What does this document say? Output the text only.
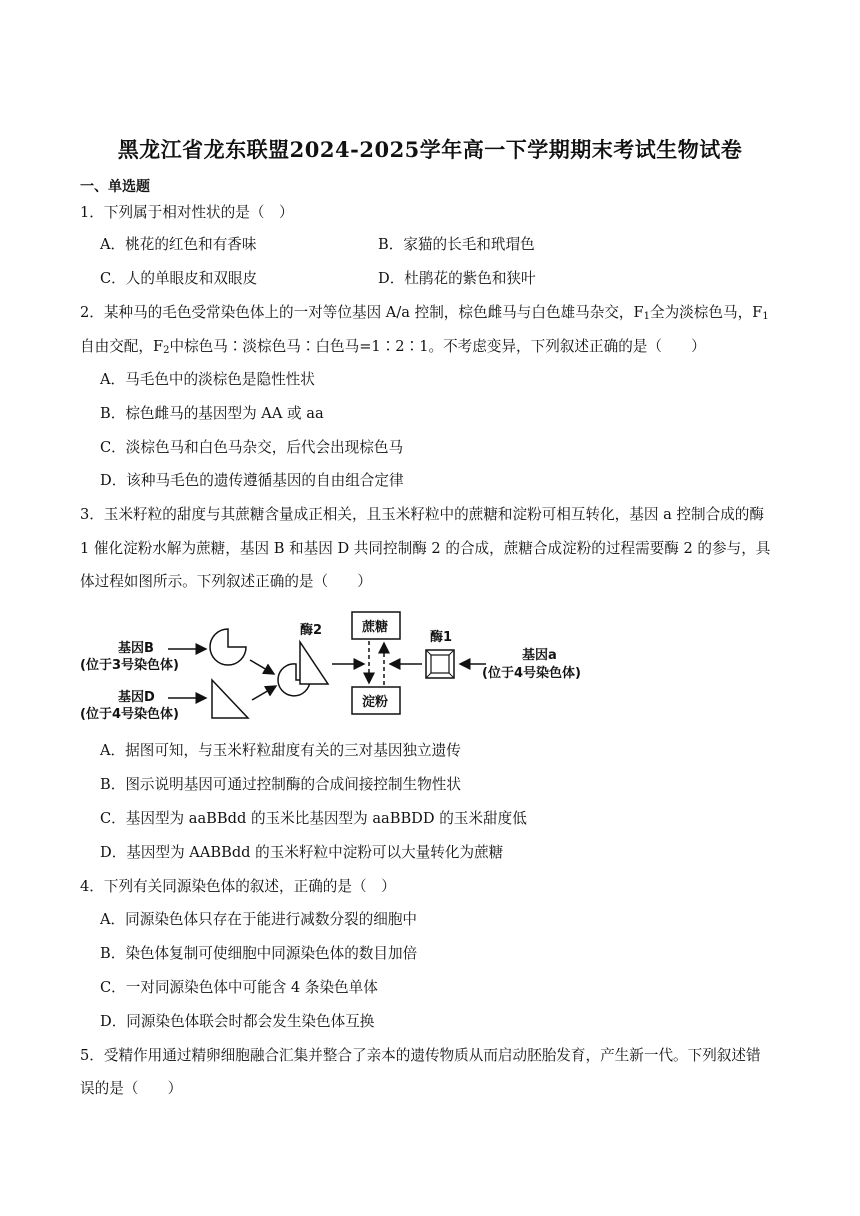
黑龙江省龙东联盟2024-2025学年高一下学期期末考试生物试卷
一、单选题
1．下列属于相对性状的是（　）
A．桃花的红色和有香味	B．家猫的长毛和玳瑁色
C．人的单眼皮和双眼皮	D．杜鹃花的紫色和狭叶
2．某种马的毛色受常染色体上的一对等位基因 A/a 控制，棕色雌马与白色雄马杂交，$F_1$全为淡棕色马，$F_1$
自由交配，$F_2$中棕色马∶淡棕色马∶白色马=1∶2∶1。不考虑变异，下列叙述正确的是（　　）
A．马毛色中的淡棕色是隐性性状
B．棕色雌马的基因型为 AA 或 aa
C．淡棕色马和白色马杂交，后代会出现棕色马
D．该种马毛色的遗传遵循基因的自由组合定律
3．玉米籽粒的甜度与其蔗糖含量成正相关，且玉米籽粒中的蔗糖和淀粉可相互转化，基因 a 控制合成的酶
1 催化淀粉水解为蔗糖，基因 B 和基因 D 共同控制酶 2 的合成，蔗糖合成淀粉的过程需要酶 2 的参与，具
体过程如图所示。下列叙述正确的是（　　）
基因B
(位于3号染色体)
基因D
(位于4号染色体)
酶2	蔗糖
淀粉
酶1
基因a
(位于4号染色体)
A．据图可知，与玉米籽粒甜度有关的三对基因独立遗传
B．图示说明基因可通过控制酶的合成间接控制生物性状
C．基因型为 aaBBdd 的玉米比基因型为 aaBBDD 的玉米甜度低
D．基因型为 AABBdd 的玉米籽粒中淀粉可以大量转化为蔗糖
4．下列有关同源染色体的叙述，正确的是（　）
A．同源染色体只存在于能进行减数分裂的细胞中
B．染色体复制可使细胞中同源染色体的数目加倍
C．一对同源染色体中可能含 4 条染色单体
D．同源染色体联会时都会发生染色体互换
5．受精作用通过精卵细胞融合汇集并整合了亲本的遗传物质从而启动胚胎发育，产生新一代。下列叙述错
误的是（　　）
